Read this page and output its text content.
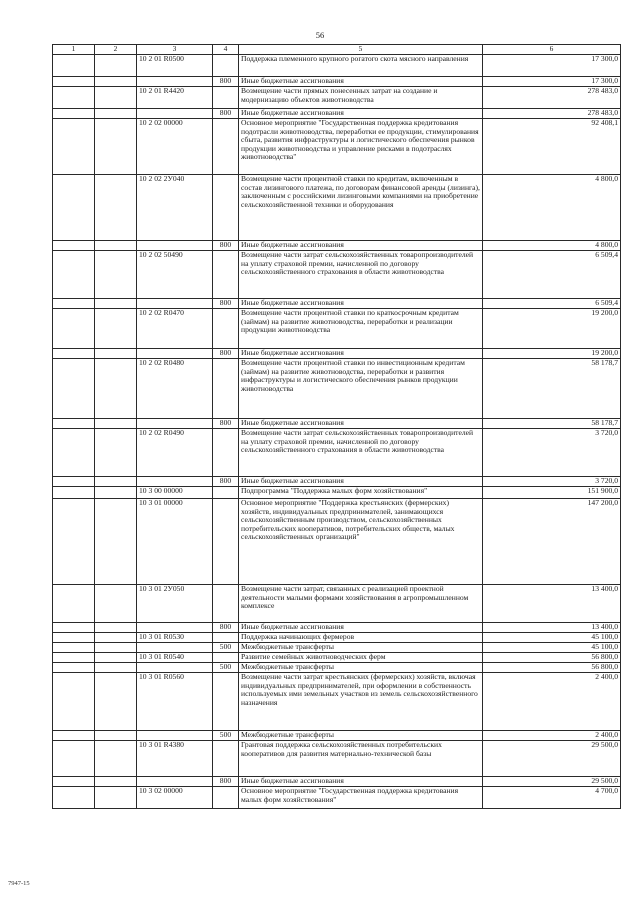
56
1	2	3	4	5	6
		10 2 01 R0500		Поддержка племенного крупного рогатого скота мясного направления	17 300,0
			800	Иные бюджетные ассигнования	17 300,0
		10 2 01 R4420		Возмещение части прямых понесенных затрат на создание и модернизацию объектов животноводства	278 483,0
			800	Иные бюджетные ассигнования	278 483,0
		10 2 02 00000		Основное мероприятие "Государственная поддержка кредитования подотрасли животноводства, переработки ее продукции, стимулирования сбыта, развития инфраструктуры и логистического обеспечения рынков продукции животноводства и управление рисками в подотраслях животноводства"	92 408,1
		10 2 02 2У040		Возмещение части процентной ставки по кредитам, включенным в состав лизингового платежа, по договорам финансовой аренды (лизинга), заключенным с российскими лизинговыми компаниями на приобретение сельскохозяйственной техники и оборудования	4 800,0
			800	Иные бюджетные ассигнования	4 800,0
		10 2 02 50490		Возмещение части затрат сельскохозяйственных товаропроизводителей на уплату страховой премии, начисленной по договору сельскохозяйственного страхования в области животноводства	6 509,4
			800	Иные бюджетные ассигнования	6 509,4
		10 2 02 R0470		Возмещение части процентной ставки по краткосрочным кредитам (займам) на развитие животноводства, переработки и реализации продукции животноводства	19 200,0
			800	Иные бюджетные ассигнования	19 200,0
		10 2 02 R0480		Возмещение части процентной ставки по инвестиционным кредитам (займам) на развитие животноводства, переработки и развития инфраструктуры и логистического обеспечения рынков продукции животноводства	58 178,7
			800	Иные бюджетные ассигнования	58 178,7
		10 2 02 R0490		Возмещение части затрат сельскохозяйственных товаропроизводителей на уплату страховой премии, начисленной по договору сельскохозяйственного страхования в области животноводства	3 720,0
			800	Иные бюджетные ассигнования	3 720,0
		10 3 00 00000		Подпрограмма "Поддержка малых форм хозяйствования"	151 900,0
		10 3 01 00000		Основное мероприятие "Поддержка крестьянских (фермерских) хозяйств, индивидуальных предпринимателей, занимающихся сельскохозяйственным производством, сельскохозяйственных потребительских кооперативов, потребительских обществ, малых сельскохозяйственных организаций"	147 200,0
		10 3 01 2У050		Возмещение части затрат, связанных с реализацией проектной деятельности малыми формами хозяйствования в агропромышленном комплексе	13 400,0
			800	Иные бюджетные ассигнования	13 400,0
		10 3 01 R0530		Поддержка начинающих фермеров	45 100,0
			500	Межбюджетные трансферты	45 100,0
		10 3 01 R0540		Развитие семейных животноводческих ферм	56 800,0
			500	Межбюджетные трансферты	56 800,0
		10 3 01 R0560		Возмещение части затрат крестьянских (фермерских) хозяйств, включая индивидуальных предпринимателей, при оформлении в собственность используемых ими земельных участков из земель сельскохозяйственного назначения	2 400,0
			500	Межбюджетные трансферты	2 400,0
		10 3 01 R4380		Грантовая поддержка сельскохозяйственных потребительских кооперативов для развития материально-технической базы	29 500,0
			800	Иные бюджетные ассигнования	29 500,0
		10 3 02 00000		Основное мероприятие "Государственная поддержка кредитования малых форм хозяйствования"	4 700,0
7947-15
